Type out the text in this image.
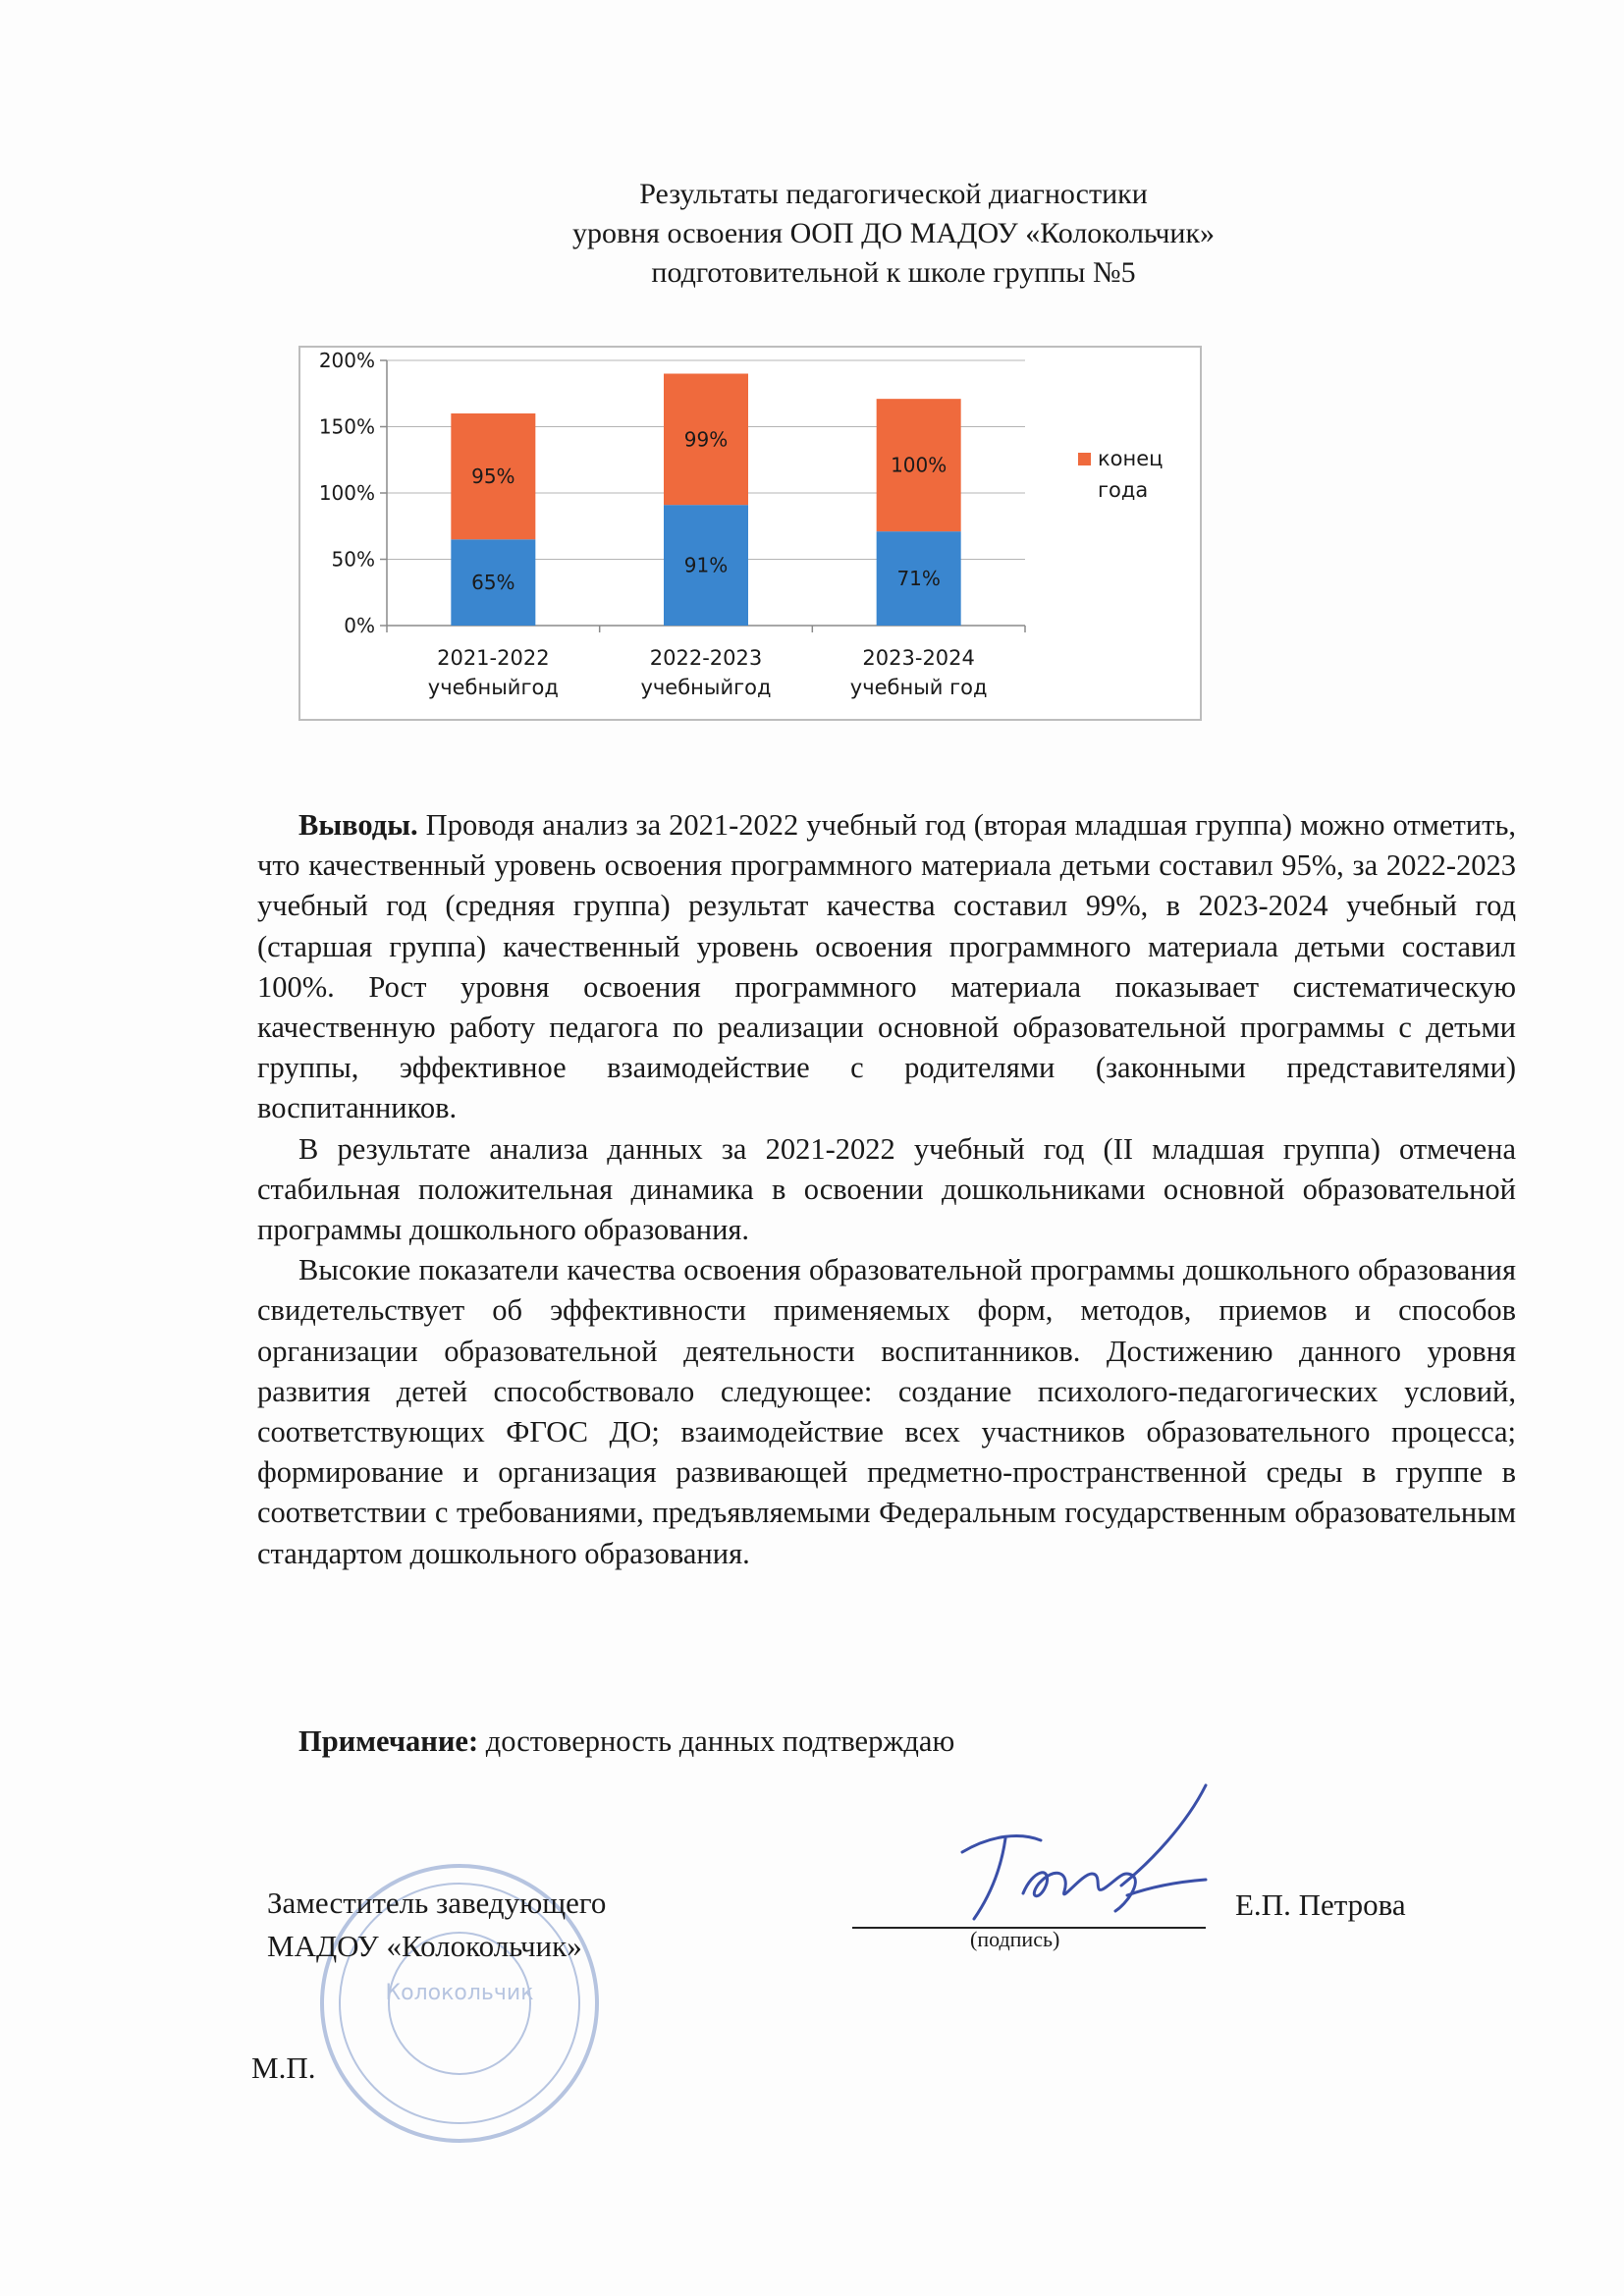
Результаты педагогической диагностики
уровня освоения ООП ДО МАДОУ «Колокольчик»
подготовительной к школе группы №5
0%
50%
100%
150%
200%
65%
95%
2021-2022
учебныйгод
91%
99%
2022-2023
учебныйгод
71%
100%
2023-2024
учебный год
конец
года

Выводы. Проводя анализ за 2021-2022 учебный год (вторая младшая группа) можно отметить, что качественный уровень освоения программного материала детьми составил 95%, за 2022-2023 учебный год (средняя группа) результат качества составил 99%, в 2023-2024 учебный год (старшая группа) качественный уровень освоения программного материала детьми составил 100%. Рост уровня освоения программного материала показывает систематическую качественную работу педагога по реализации основной образовательной программы с детьми группы, эффективное взаимодействие с родителями (законными представителями) воспитанников.

В результате анализа данных за 2021-2022 учебный год (II младшая группа) отмечена стабильная положительная динамика в освоении дошкольниками основной образовательной программы дошкольного образования.

Высокие показатели качества освоения образовательной программы дошкольного образования свидетельствует об эффективности применяемых форм, методов, приемов и способов организации образовательной деятельности воспитанников. Достижению данного уровня развития детей способствовало следующее: создание психолого-педагогических условий, соответствующих ФГОС ДО; взаимодействие всех участников образовательного процесса; формирование и организация развивающей предметно-пространственной среды в группе в соответствии с требованиями, предъявляемыми Федеральным государственным образовательным стандартом дошкольного образования.

Примечание: достоверность данных подтверждаю
Колокольчик
Заместитель заведующего
МАДОУ «Колокольчик»	(подпись)
Е.П. Петрова
М.П.
